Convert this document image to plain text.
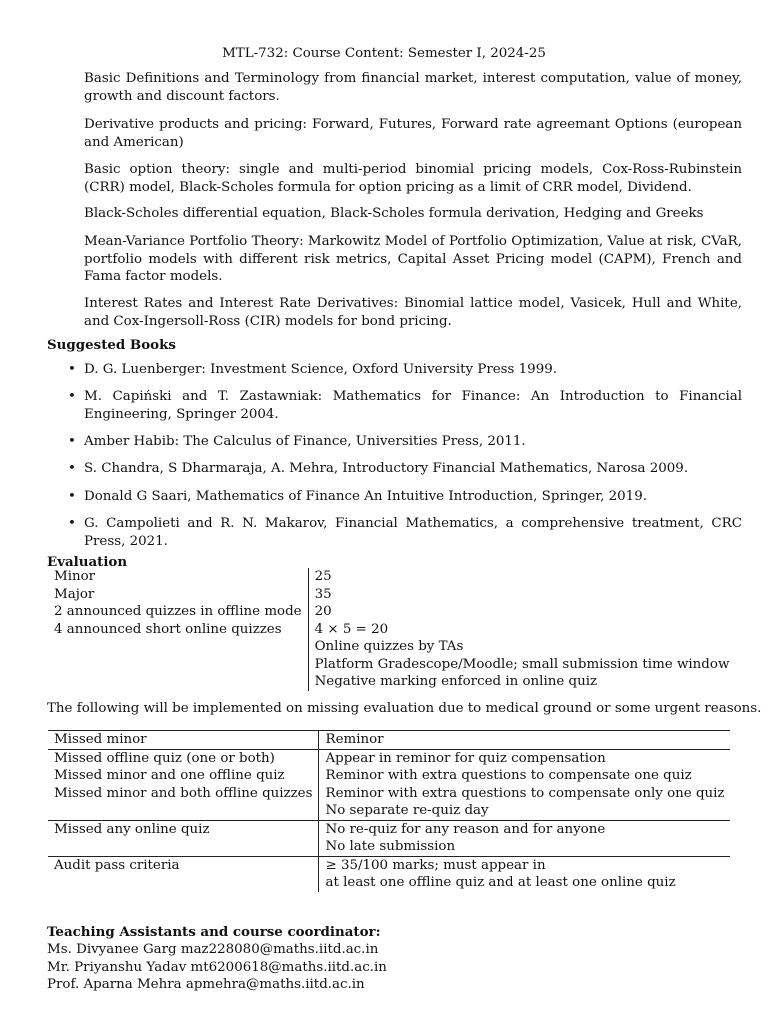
MTL-732: Course Content: Semester I, 2024-25
Basic Definitions and Terminology from financial market, interest computation, value of money, growth and discount factors.
Derivative products and pricing: Forward, Futures, Forward rate agreemant Options (european and American)
Basic option theory: single and multi-period binomial pricing models, Cox-Ross-Rubinstein (CRR) model, Black-Scholes formula for option pricing as a limit of CRR model, Dividend.
Black-Scholes differential equation, Black-Scholes formula derivation, Hedging and Greeks
Mean-Variance Portfolio Theory: Markowitz Model of Portfolio Optimization, Value at risk, CVaR, portfolio models with different risk metrics, Capital Asset Pricing model (CAPM), French and Fama factor models.
Interest Rates and Interest Rate Derivatives: Binomial lattice model, Vasicek, Hull and White, and Cox-Ingersoll-Ross (CIR) models for bond pricing.
Suggested Books
• D. G. Luenberger: Investment Science, Oxford University Press 1999.
• M. Capiński and T. Zastawniak: Mathematics for Finance: An Introduction to Financial Engineering, Springer 2004.
• Amber Habib: The Calculus of Finance, Universities Press, 2011.
• S. Chandra, S Dharmaraja, A. Mehra, Introductory Financial Mathematics, Narosa 2009.
• Donald G Saari, Mathematics of Finance An Intuitive Introduction, Springer, 2019.
• G. Campolieti and R. N. Makarov, Financial Mathematics, a comprehensive treatment, CRC Press, 2021.
Evaluation
Minor	25
Major	35
2 announced quizzes in offline mode	20
4 announced short online quizzes	4 × 5 = 20
	Online quizzes by TAs
	Platform Gradescope/Moodle; small submission time window
	Negative marking enforced in online quiz
The following will be implemented on missing evaluation due to medical ground or some urgent reasons.
Missed minor	Reminor
Missed offline quiz (one or both)	Appear in reminor for quiz compensation
Missed minor and one offline quiz	Reminor with extra questions to compensate one quiz
Missed minor and both offline quizzes	Reminor with extra questions to compensate only one quiz
	No separate re-quiz day
Missed any online quiz	No re-quiz for any reason and for anyone
	No late submission
Audit pass criteria	≥ 35/100 marks; must appear in
	at least one offline quiz and at least one online quiz
Teaching Assistants and course coordinator:
Ms. Divyanee Garg maz228080@maths.iitd.ac.in
Mr. Priyanshu Yadav mt6200618@maths.iitd.ac.in
Prof. Aparna Mehra apmehra@maths.iitd.ac.in
